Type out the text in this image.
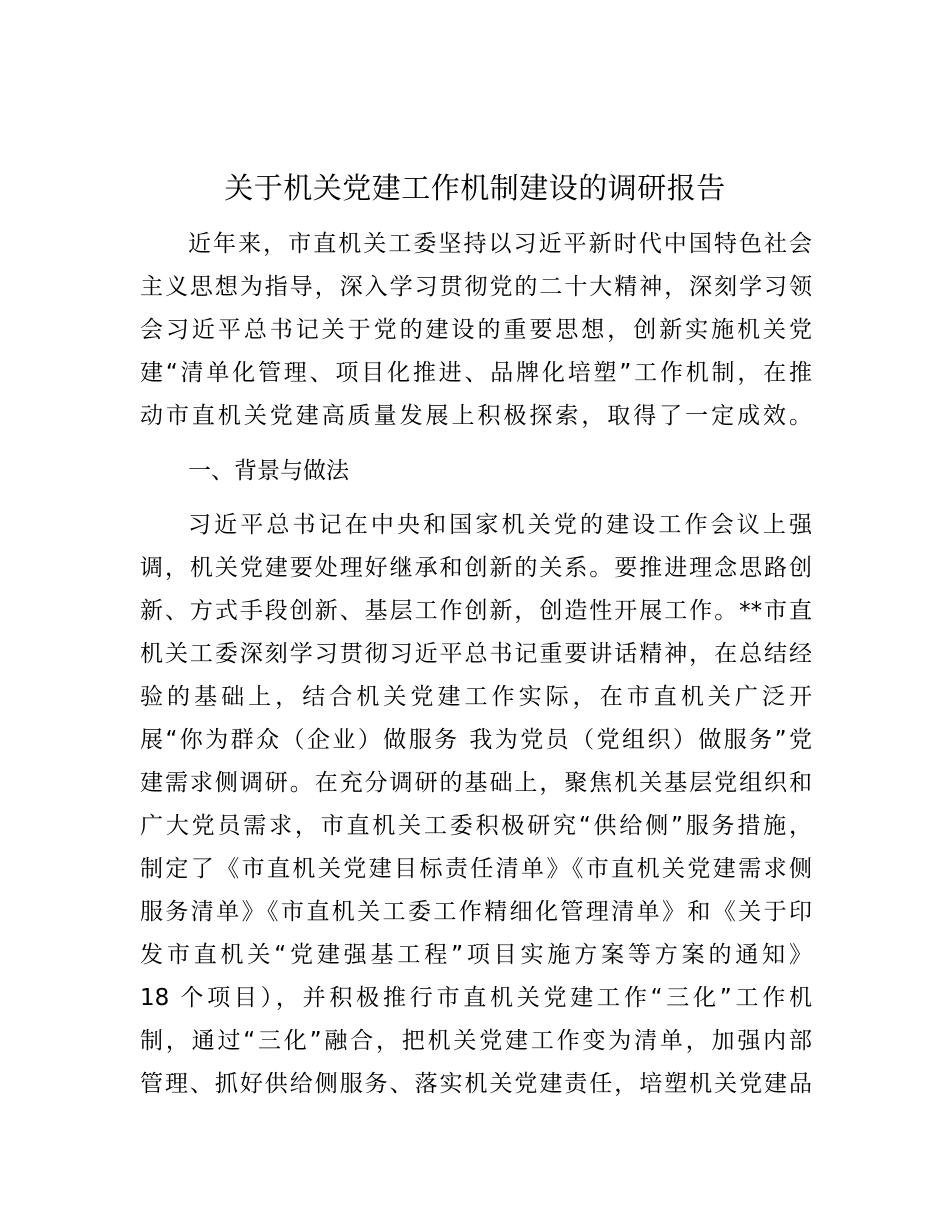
关于机关党建工作机制建设的调研报告
近年来，市直机关工委坚持以习近平新时代中国特色社会
主义思想为指导，深入学习贯彻党的二十大精神，深刻学习领
会习近平总书记关于党的建设的重要思想，创新实施机关党
建“清单化管理、项目化推进、品牌化培塑”工作机制，在推
动市直机关党建高质量发展上积极探索，取得了一定成效。
一、背景与做法
习近平总书记在中央和国家机关党的建设工作会议上强
调，机关党建要处理好继承和创新的关系。要推进理念思路创
新、方式手段创新、基层工作创新，创造性开展工作。**市直
机关工委深刻学习贯彻习近平总书记重要讲话精神，在总结经
验的基础上，结合机关党建工作实际，在市直机关广泛开
展“你为群众（企业）做服务 我为党员（党组织）做服务”党
建需求侧调研。在充分调研的基础上，聚焦机关基层党组织和
广大党员需求，市直机关工委积极研究“供给侧”服务措施，
制定了《市直机关党建目标责任清单》《市直机关党建需求侧
服务清单》《市直机关工委工作精细化管理清单》和《关于印
发市直机关“党建强基工程”项目实施方案等方案的通知》
18 个项目），并积极推行市直机关党建工作“三化”工作机
制，通过“三化”融合，把机关党建工作变为清单，加强内部
管理、抓好供给侧服务、落实机关党建责任，培塑机关党建品
